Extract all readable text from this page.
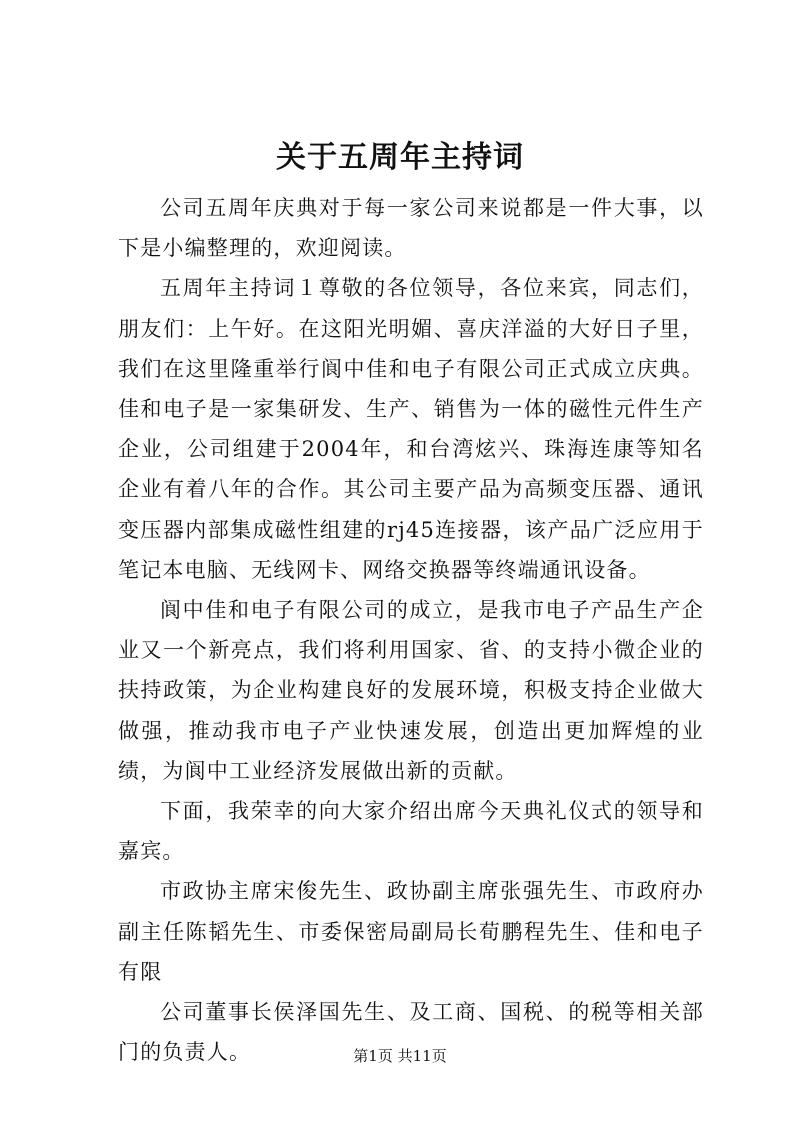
关于五周年主持词

公司五周年庆典对于每一家公司来说都是一件大事，以下是小编整理的，欢迎阅读。

五周年主持词１尊敬的各位领导，各位来宾，同志们，朋友们：上午好。在这阳光明媚、喜庆洋溢的大好日子里，我们在这里隆重举行阆中佳和电子有限公司正式成立庆典。佳和电子是一家集研发、生产、销售为一体的磁性元件生产企业，公司组建于2004年，和台湾炫兴、珠海连康等知名企业有着八年的合作。其公司主要产品为高频变压器、通讯变压器内部集成磁性组建的rj45连接器，该产品广泛应用于笔记本电脑、无线网卡、网络交换器等终端通讯设备。

阆中佳和电子有限公司的成立，是我市电子产品生产企业又一个新亮点，我们将利用国家、省、的支持小微企业的扶持政策，为企业构建良好的发展环境，积极支持企业做大做强，推动我市电子产业快速发展，创造出更加辉煌的业绩，为阆中工业经济发展做出新的贡献。

下面，我荣幸的向大家介绍出席今天典礼仪式的领导和嘉宾。

市政协主席宋俊先生、政协副主席张强先生、市政府办副主任陈韬先生、市委保密局副局长荀鹏程先生、佳和电子有限

公司董事长侯泽国先生、及工商、国税、的税等相关部门的负责人。	第1页 共11页
